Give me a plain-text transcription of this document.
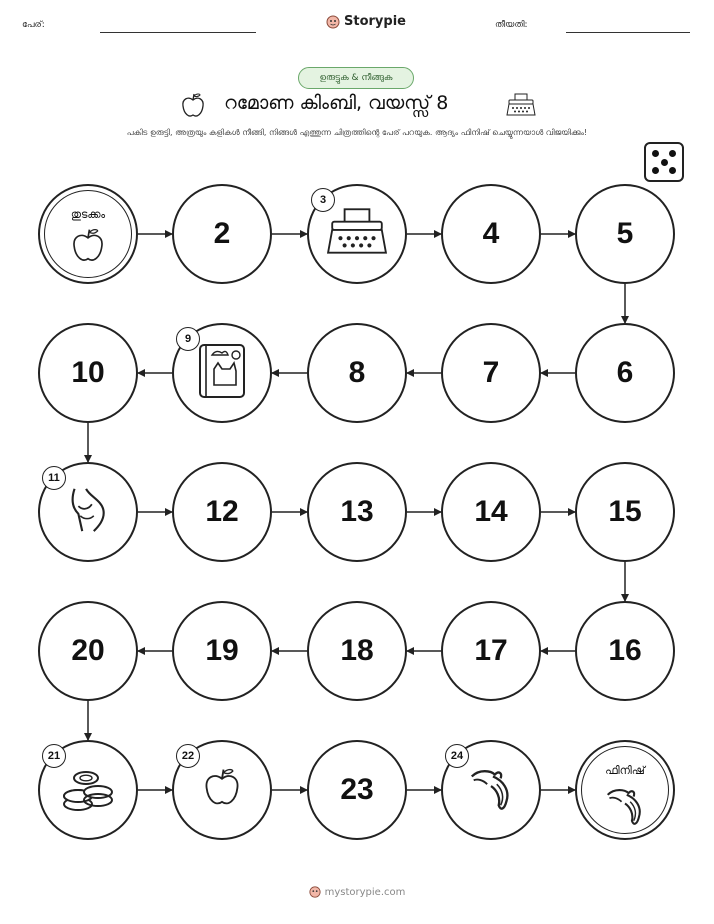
പേര്:	Storypie	തീയതി:
ഉരുട്ടുക & നീങ്ങുക
റമോണ കിംബി, വയസ്സ് 8
പകിട ഉരുട്ടി, അത്രയും കളികൾ നീങ്ങി, നിങ്ങൾ എത്തുന്ന ചിത്രത്തിന്റെ പേര് പറയുക. ആദ്യം ഫിനിഷ് ചെയ്യുന്നയാൾ വിജയിക്കും!
തുടക്കം
2
3
4	5
6
7
8
9
10
11
12	13	14	15
16
17
18
19
20
21	22
23
24
ഫിനിഷ്
mystorypie.com
